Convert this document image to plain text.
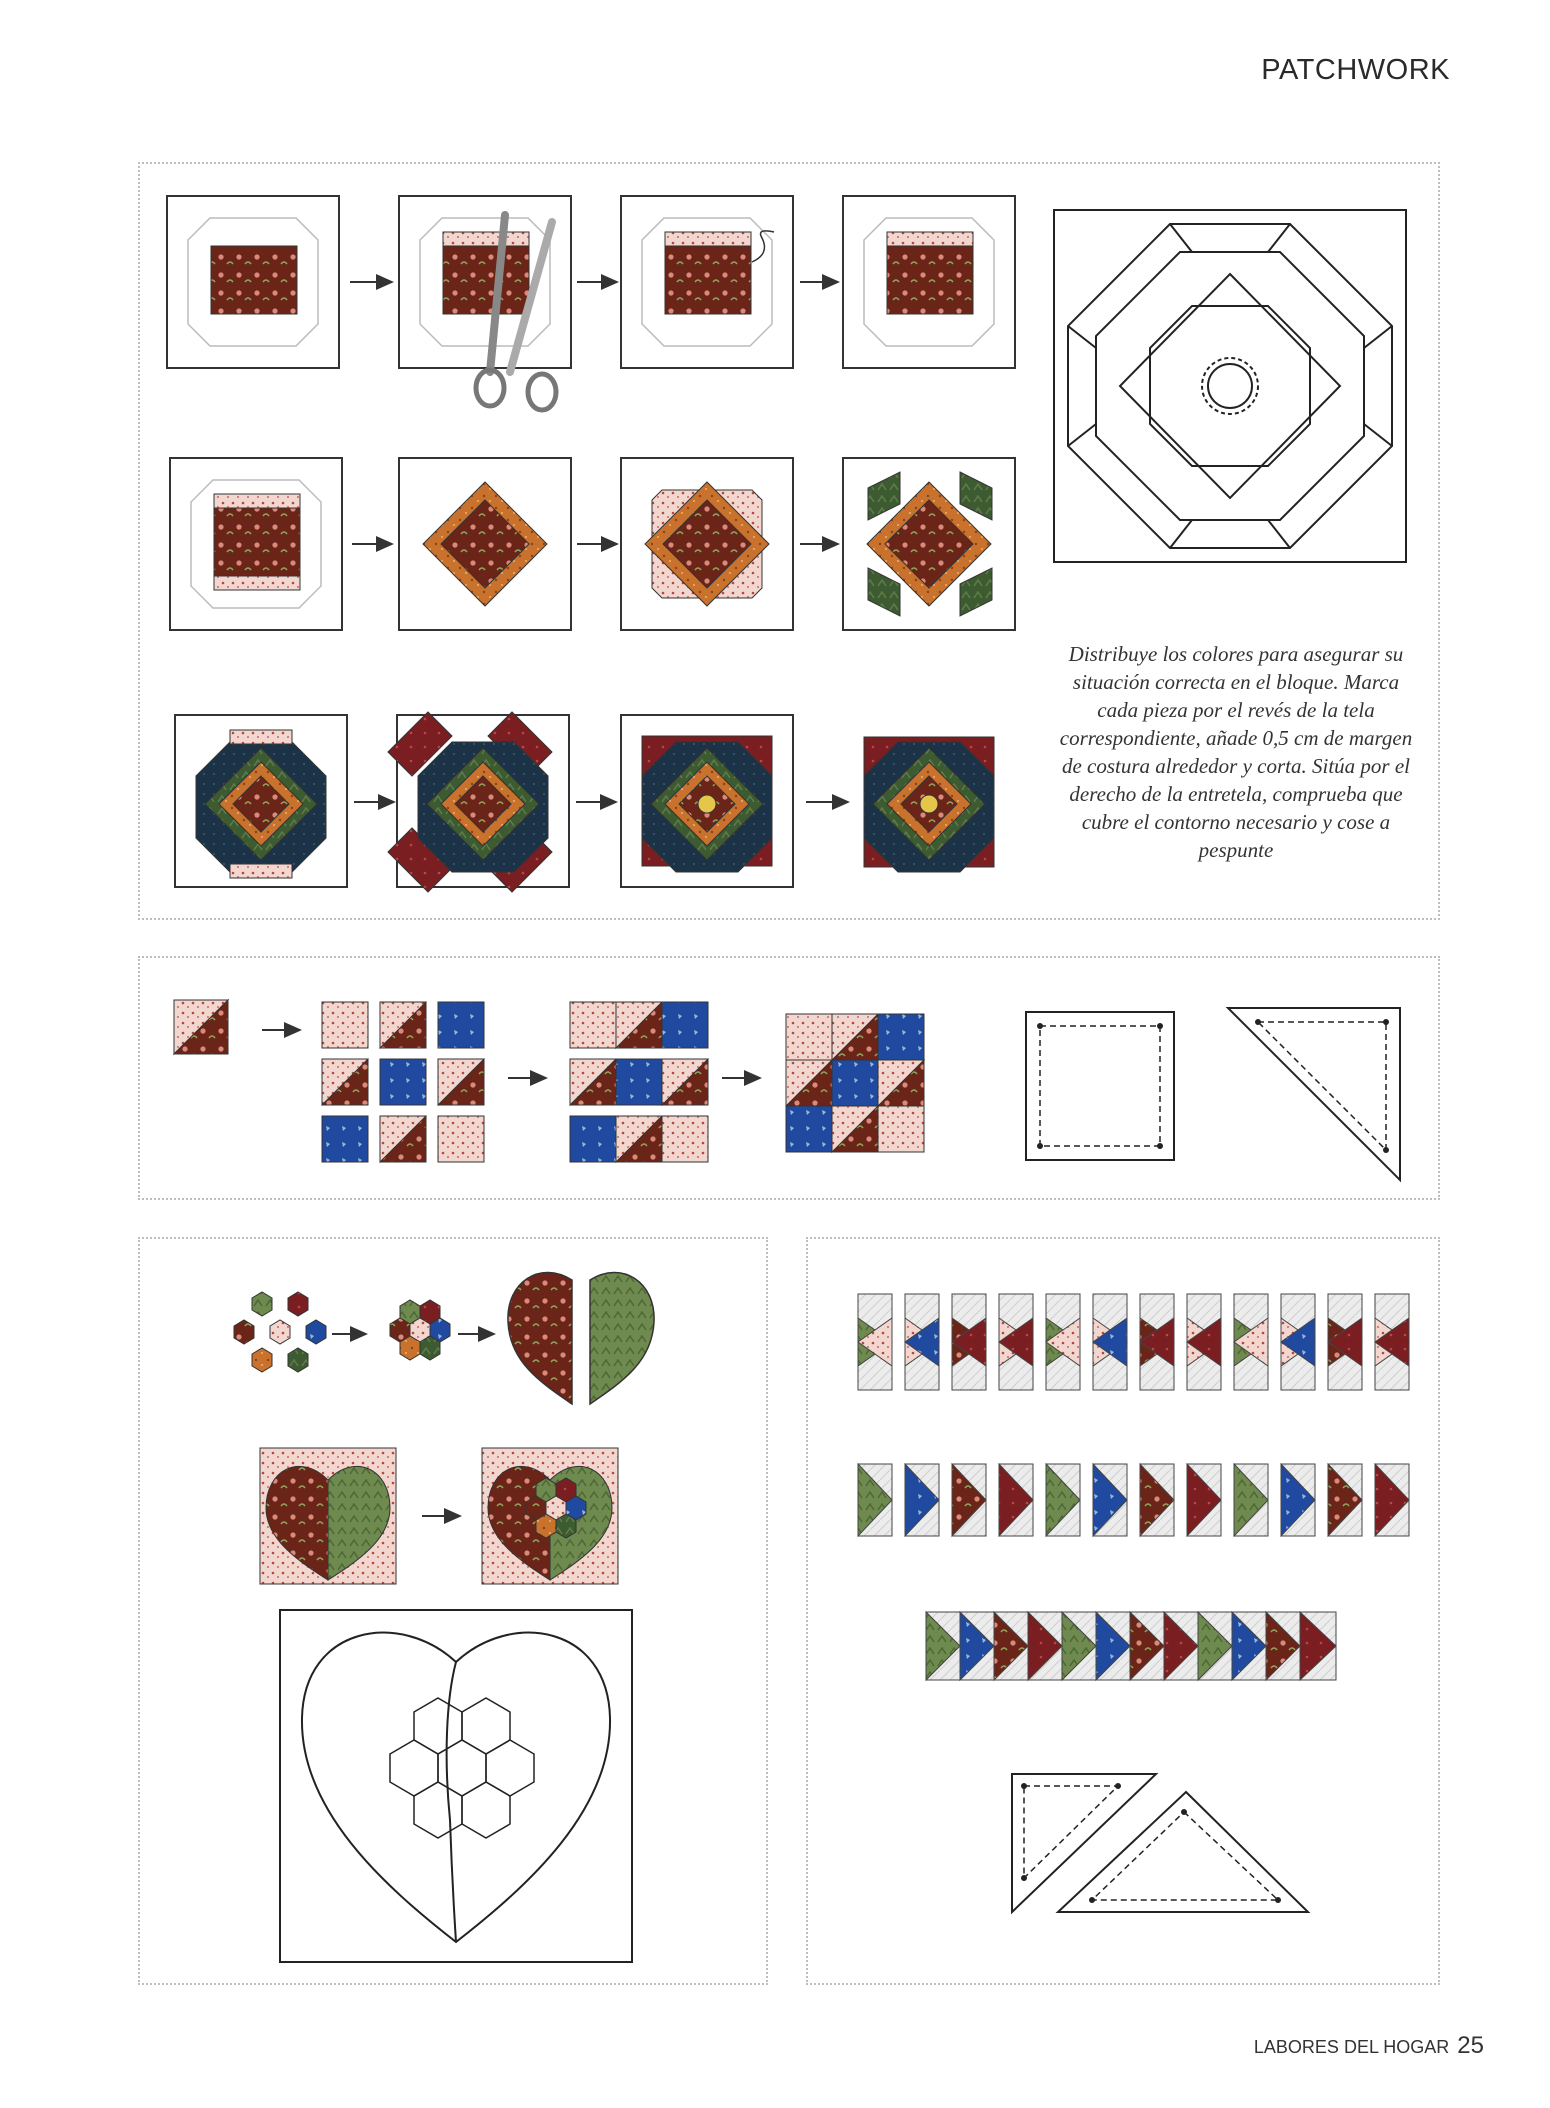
PATCHWORK
Distribuye los colores para asegurar su situación correcta en el bloque. Marca cada pieza por el revés de la tela correspondiente, añade 0,5 cm de margen de costura alrededor y corta. Sitúa por el derecho de la entretela, comprueba que cubre el contorno necesario y cose a pespunte
LABORES DEL HOGAR 25
